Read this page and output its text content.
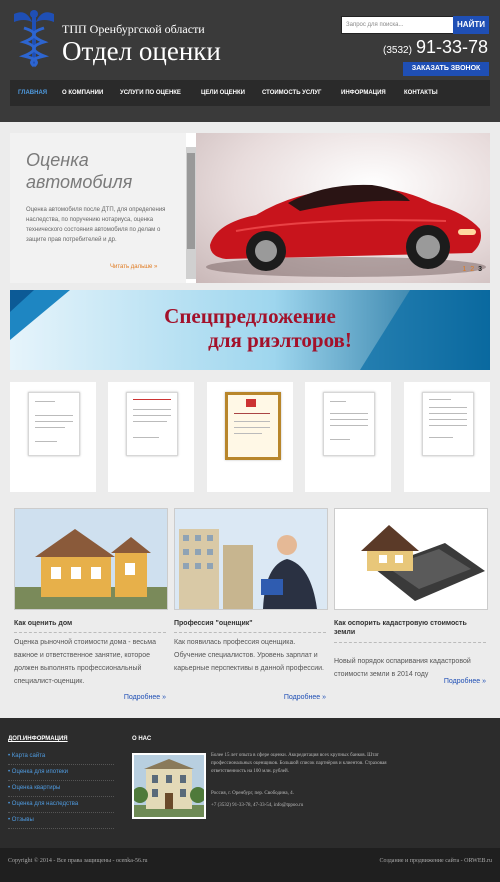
ТПП Оренбургской области
Отдел оценки
Запрос для поиска...	НАЙТИ
(3532) 91-33-78
ЗАКАЗАТЬ ЗВОНОК
ГЛАВНАЯ О КОМПАНИИ	УСЛУГИ ПО ОЦЕНКЕ	ЦЕЛИ ОЦЕНКИ	СТОИМОСТЬ УСЛУГ	ИНФОРМАЦИЯ	КОНТАКТЫ
Оценка автомобиля
Оценка автомобиля после ДТП, для определения наследства, по поручению нотариуса, оценка технического состояния автомобиля по делам о защите прав потребителей и др.
Читать дальше »	1 2 3
Спецпредложение
для риэлторов!
Как оценить дом
Оценка рыночной стоимости дома - весьма важное и ответственное занятие, которое должен выполнять профессиональный специалист-оценщик.
Подробнее »
Профессия "оценщик"
Как появилась профессия оценщика. Обучение специалистов. Уровень зарплат и карьерные перспективы в данной профессии.
Подробнее »
Как оспорить кадастровую стоимость земли
Новый порядок оспаривания кадастровой стоимости земли в 2014 году
Подробнее »
ДОП.ИНФОРМАЦИЯ
• Карта сайта
• Оценка для ипотеки
• Оценка квартиры
• Оценка для наследства
• Отзывы
О НАС
Более 15 лет опыта в сфере оценки. Аккредитация всех крупных банков. Штат профессиональных оценщиков. Большой список партнёров и клиентов. Страховая ответственность на 100 млн. рублей.
Россия, г. Оренбург, пер. Свободина, 4.
+7 (3532) 91-33-78, 47-33-54, info@tppoo.ru
Copyright © 2014 - Все права защищены - ocenka-56.ru	Создание и продвижение сайта - ORWEB.ru
